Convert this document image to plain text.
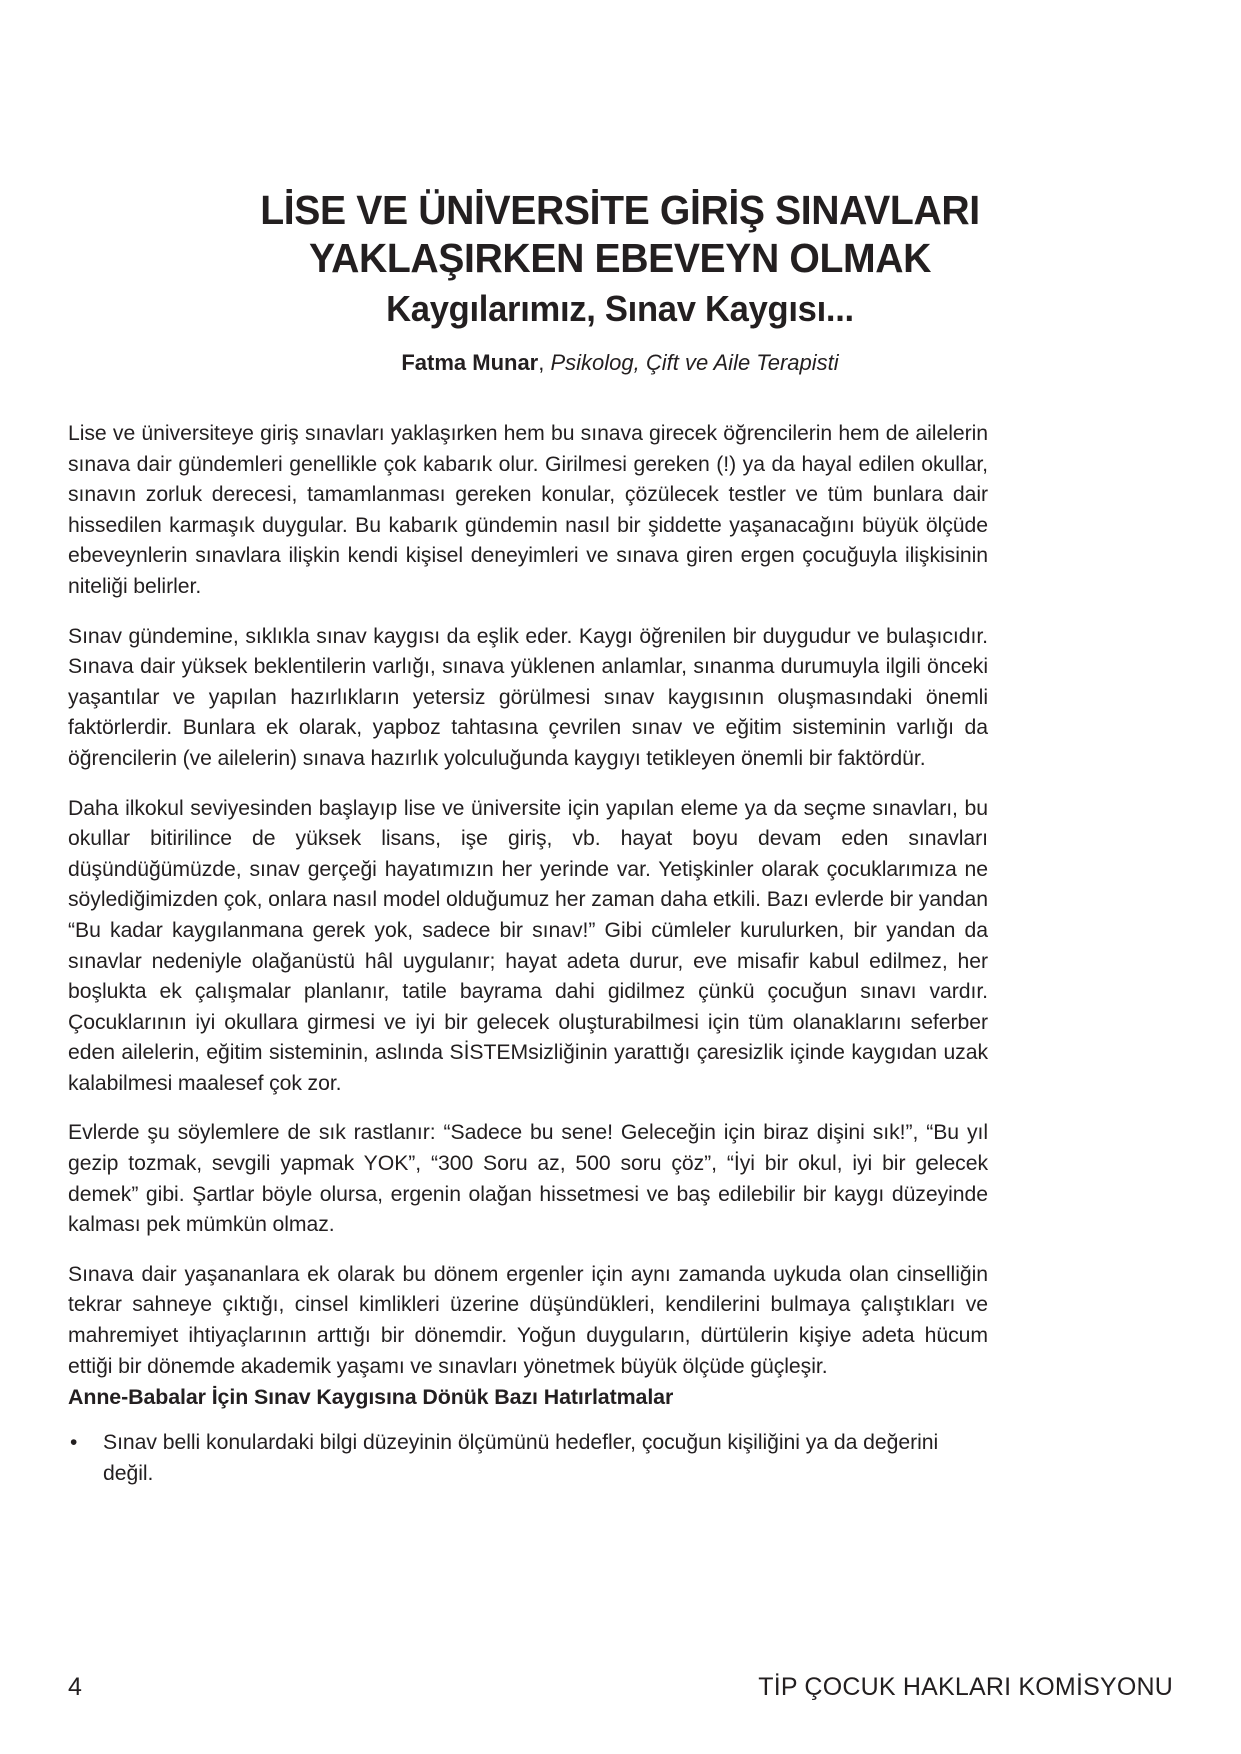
LİSE VE ÜNİVERSİTE GİRİŞ SINAVLARI
YAKLAŞIRKEN EBEVEYN OLMAK
Kaygılarımız, Sınav Kaygısı...
Fatma Munar, Psikolog, Çift ve Aile Terapisti

Lise ve üniversiteye giriş sınavları yaklaşırken hem bu sınava girecek öğrencilerin hem de ailelerin sınava dair gündemleri genellikle çok kabarık olur. Girilmesi gereken (!) ya da hayal edilen okullar, sınavın zorluk derecesi, tamamlanması gereken konular, çözülecek testler ve tüm bunlara dair hissedilen karmaşık duygular. Bu kabarık gündemin nasıl bir şiddette yaşanacağını büyük ölçüde ebeveynlerin sınavlara ilişkin kendi kişisel deneyimleri ve sınava giren ergen çocuğuyla ilişkisinin niteliği belirler.

Sınav gündemine, sıklıkla sınav kaygısı da eşlik eder. Kaygı öğrenilen bir duygudur ve bulaşıcıdır. Sınava dair yüksek beklentilerin varlığı, sınava yüklenen anlamlar, sınanma durumuyla ilgili önceki yaşantılar ve yapılan hazırlıkların yetersiz görülmesi sınav kaygısının oluşmasındaki önemli faktörlerdir. Bunlara ek olarak, yapboz tahtasına çevrilen sınav ve eğitim sisteminin varlığı da öğrencilerin (ve ailelerin) sınava hazırlık yolculuğunda kaygıyı tetikleyen önemli bir faktördür.

Daha ilkokul seviyesinden başlayıp lise ve üniversite için yapılan eleme ya da seçme sınavları, bu okullar bitirilince de yüksek lisans, işe giriş, vb. hayat boyu devam eden sınavları düşündüğümüzde, sınav gerçeği hayatımızın her yerinde var. Yetişkinler olarak çocuklarımıza ne söylediğimizden çok, onlara nasıl model olduğumuz her zaman daha etkili. Bazı evlerde bir yandan “Bu kadar kaygılanmana gerek yok, sadece bir sınav!” Gibi cümleler kurulurken, bir yandan da sınavlar nedeniyle olağanüstü hâl uygulanır; hayat adeta durur, eve misafir kabul edilmez, her boşlukta ek çalışmalar planlanır, tatile bayrama dahi gidilmez çünkü çocuğun sınavı vardır. Çocuklarının iyi okullara girmesi ve iyi bir gelecek oluşturabilmesi için tüm olanaklarını seferber eden ailelerin, eğitim sisteminin, aslında SİSTEMsizliğinin yarattığı çaresizlik içinde kaygıdan uzak kalabilmesi maalesef çok zor.

Evlerde şu söylemlere de sık rastlanır: “Sadece bu sene! Geleceğin için biraz dişini sık!”, “Bu yıl gezip tozmak, sevgili yapmak YOK”, “300 Soru az, 500 soru çöz”, “İyi bir okul, iyi bir gelecek demek” gibi. Şartlar böyle olursa, ergenin olağan hissetmesi ve baş edilebilir bir kaygı düzeyinde kalması pek mümkün olmaz.

Sınava dair yaşananlara ek olarak bu dönem ergenler için aynı zamanda uykuda olan cinselliğin tekrar sahneye çıktığı, cinsel kimlikleri üzerine düşündükleri, kendilerini bulmaya çalıştıkları ve mahremiyet ihtiyaçlarının arttığı bir dönemdir. Yoğun duyguların, dürtülerin kişiye adeta hücum ettiği bir dönemde akademik yaşamı ve sınavları yönetmek büyük ölçüde güçleşir.

Anne-Babalar İçin Sınav Kaygısına Dönük Bazı Hatırlatmalar
• Sınav belli konulardaki bilgi düzeyinin ölçümünü hedefler, çocuğun kişiliğini ya da değerini değil.
4	TİP ÇOCUK HAKLARI KOMİSYONU
